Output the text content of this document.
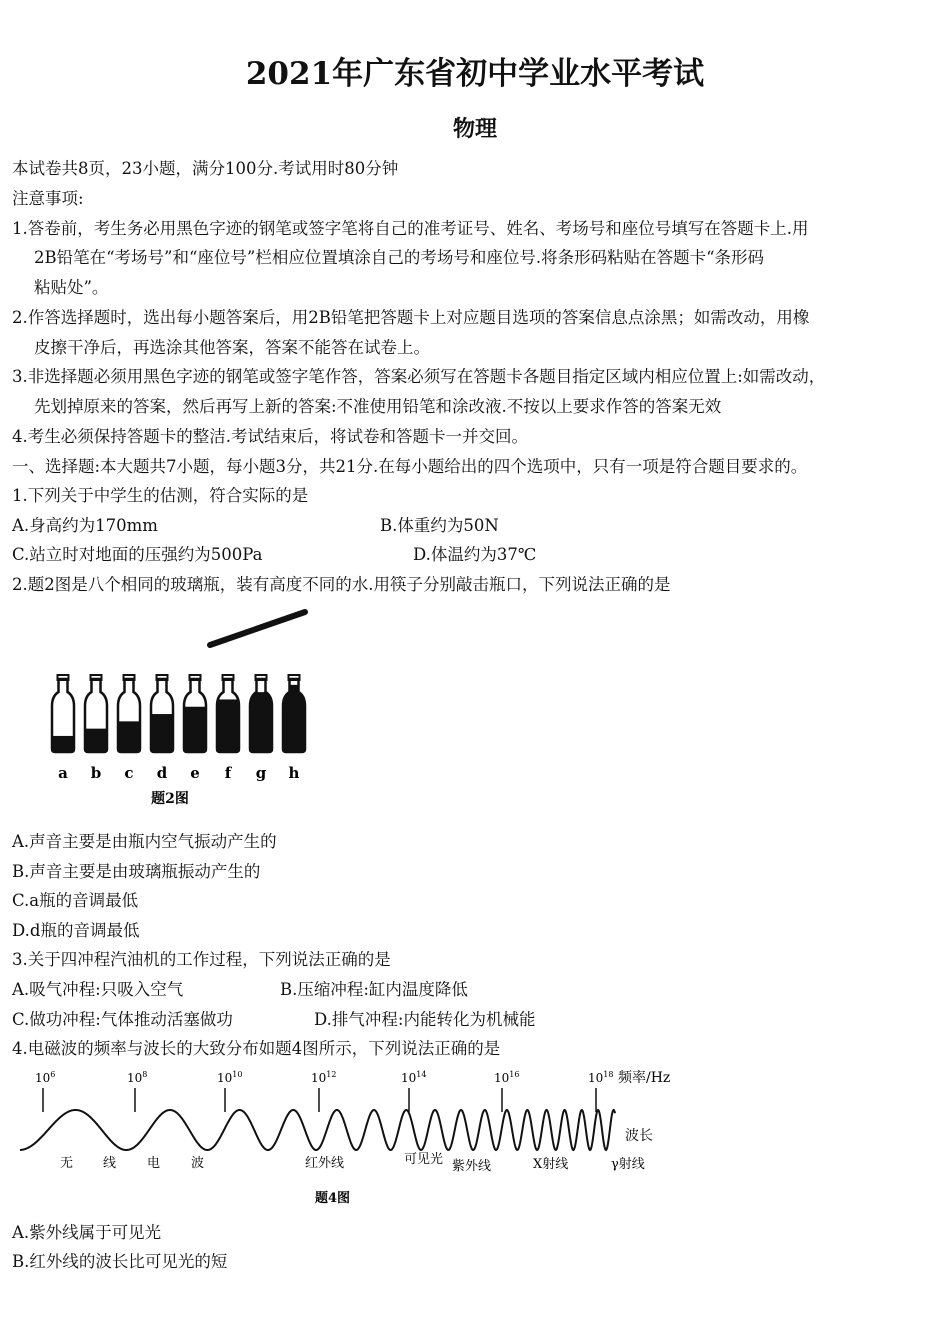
2021年广东省初中学业水平考试
物理
本试卷共8页，23小题，满分100分.考试用时80分钟
注意事项:
1.答卷前，考生务必用黑色字迹的钢笔或签字笔将自己的准考证号、姓名、考场号和座位号填写在答题卡上.用
2B铅笔在“考场号”和“座位号”栏相应位置填涂自己的考场号和座位号.将条形码粘贴在答题卡“条形码
粘贴处”。
2.作答选择题时，选出每小题答案后，用2B铅笔把答题卡上对应题目选项的答案信息点涂黑；如需改动，用橡
皮擦干净后，再选涂其他答案，答案不能答在试卷上。
3.非选择题必须用黑色字迹的钢笔或签字笔作答，答案必须写在答题卡各题目指定区域内相应位置上:如需改动，
先划掉原来的答案，然后再写上新的答案:不准使用铅笔和涂改液.不按以上要求作答的答案无效
4.考生必须保持答题卡的整洁.考试结束后，将试卷和答题卡一并交回。
一、选择题:本大题共7小题，每小题3分，共21分.在每小题给出的四个选项中，只有一项是符合题目要求的。
1.下列关于中学生的估测，符合实际的是
A.身高约为170mm	B.体重约为50N
C.站立时对地面的压强约为500Pa	D.体温约为37℃
2.题2图是八个相同的玻璃瓶，装有高度不同的水.用筷子分别敲击瓶口，下列说法正确的是
a b c d e f g h
题2图
A.声音主要是由瓶内空气振动产生的
B.声音主要是由玻璃瓶振动产生的
C.a瓶的音调最低
D.d瓶的音调最低
3.关于四冲程汽油机的工作过程，下列说法正确的是
A.吸气冲程:只吸入空气	B.压缩冲程:缸内温度降低
C.做功冲程:气体推动活塞做功	D.排气冲程:内能转化为机械能
4.电磁波的频率与波长的大致分布如题4图所示，下列说法正确的是
$10^6$	$10^8$	$10^{10}$	$10^{12}$	$10^{14}$	$10^{16}$	$10^{18}$ 频率/Hz
波长
无 线 电 波	红外线	可见光 紫外线	X射线	γ射线
题4图
A.紫外线属于可见光
B.红外线的波长比可见光的短
